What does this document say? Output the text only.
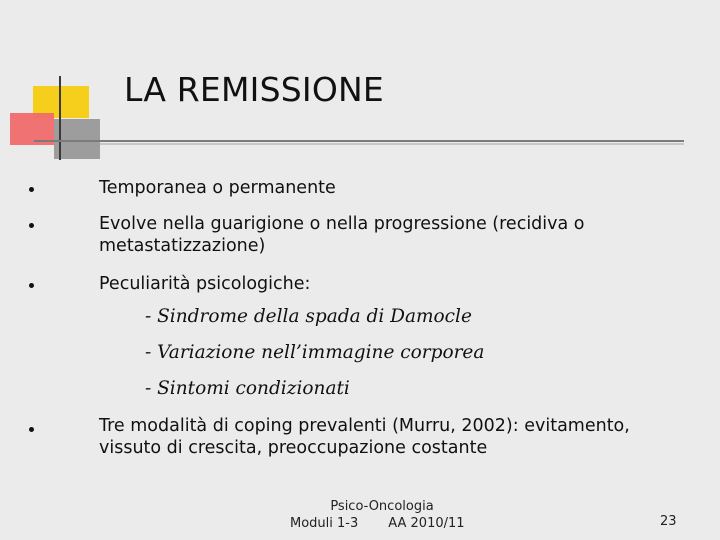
LA REMISSIONE
Temporanea o permanente
Evolve nella guarigione o nella progressione (recidiva o metastatizzazione)
Peculiarità psicologiche:
- Sindrome della spada di Damocle
- Variazione nell’immagine corporea
- Sintomi condizionati
Tre modalità di coping prevalenti (Murru, 2002): evitamento, vissuto di crescita, preoccupazione costante
Psico-Oncologia
Moduli 1-3 AA 2010/11	23
